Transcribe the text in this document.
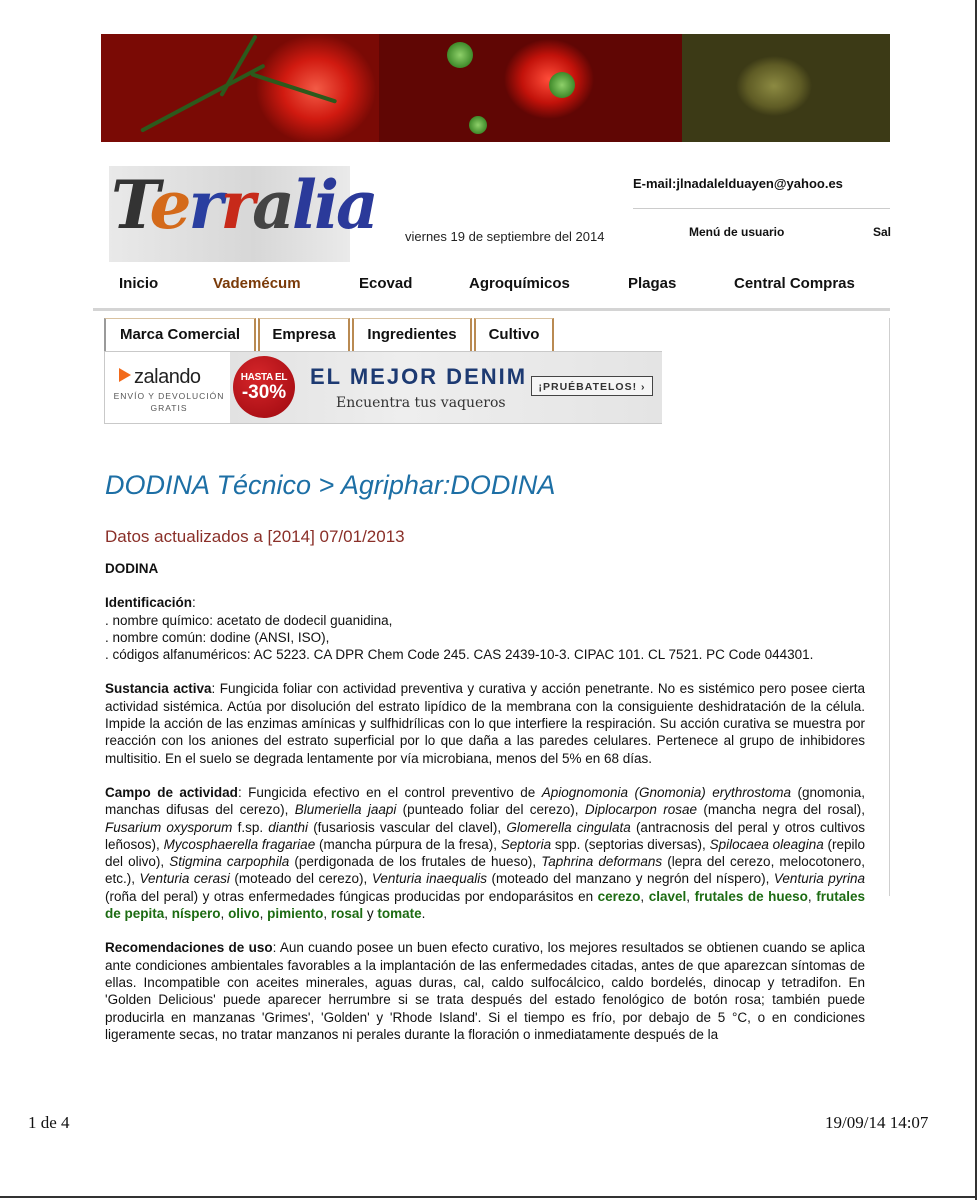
Terralia viernes 19 de septiembre del 2014
E-mail:jlnadalelduayen@yahoo.es
Menú de usuario	Sal
Inicio	Vademécum	Ecovad	Agroquímicos	Plagas	Central Compras
Marca Comercial	Empresa	Ingredientes	Cultivo
zalando
ENVÍO Y DEVOLUCIÓN
GRATIS
HASTA EL
-30%
EL MEJOR DENIM
Encuentra tus vaqueros
¡PRUÉBATELOS! ›
DODINA Técnico > Agriphar:DODINA
Datos actualizados a [2014] 07/01/2013

DODINA

Identificación:
. nombre químico: acetato de dodecil guanidina,
. nombre común: dodine (ANSI, ISO),
. códigos alfanuméricos: AC 5223. CA DPR Chem Code 245. CAS 2439-10-3. CIPAC 101. CL 7521. PC Code 044301.

Sustancia activa: Fungicida foliar con actividad preventiva y curativa y acción penetrante. No es sistémico pero posee cierta actividad sistémica. Actúa por disolución del estrato lipídico de la membrana con la consiguiente deshidratación de la célula. Impide la acción de las enzimas amínicas y sulfhidrílicas con lo que interfiere la respiración. Su acción curativa se muestra por reacción con los aniones del estrato superficial por lo que daña a las paredes celulares. Pertenece al grupo de inhibidores multisitio. En el suelo se degrada lentamente por vía microbiana, menos del 5% en 68 días.

Campo de actividad: Fungicida efectivo en el control preventivo de Apiognomonia (Gnomonia) erythrostoma (gnomonia, manchas difusas del cerezo), Blumeriella jaapi (punteado foliar del cerezo), Diplocarpon rosae (mancha negra del rosal), Fusarium oxysporum f.sp. dianthi (fusariosis vascular del clavel), Glomerella cingulata (antracnosis del peral y otros cultivos leñosos), Mycosphaerella fragariae (mancha púrpura de la fresa), Septoria spp. (septorias diversas), Spilocaea oleagina (repilo del olivo), Stigmina carpophila (perdigonada de los frutales de hueso), Taphrina deformans (lepra del cerezo, melocotonero, etc.), Venturia cerasi (moteado del cerezo), Venturia inaequalis (moteado del manzano y negrón del níspero), Venturia pyrina (roña del peral) y otras enfermedades fúngicas producidas por endoparásitos en cerezo, clavel, frutales de hueso, frutales de pepita, níspero, olivo, pimiento, rosal y tomate.

Recomendaciones de uso: Aun cuando posee un buen efecto curativo, los mejores resultados se obtienen cuando se aplica ante condiciones ambientales favorables a la implantación de las enfermedades citadas, antes de que aparezcan síntomas de ellas. Incompatible con aceites minerales, aguas duras, cal, caldo sulfocálcico, caldo bordelés, dinocap y tetradifon. En 'Golden Delicious' puede aparecer herrumbre si se trata después del estado fenológico de botón rosa; también puede producirla en manzanas 'Grimes', 'Golden' y 'Rhode Island'. Si el tiempo es frío, por debajo de 5 °C, o en condiciones ligeramente secas, no tratar manzanos ni perales durante la floración o inmediatamente después de la

1 de 4	19/09/14 14:07
